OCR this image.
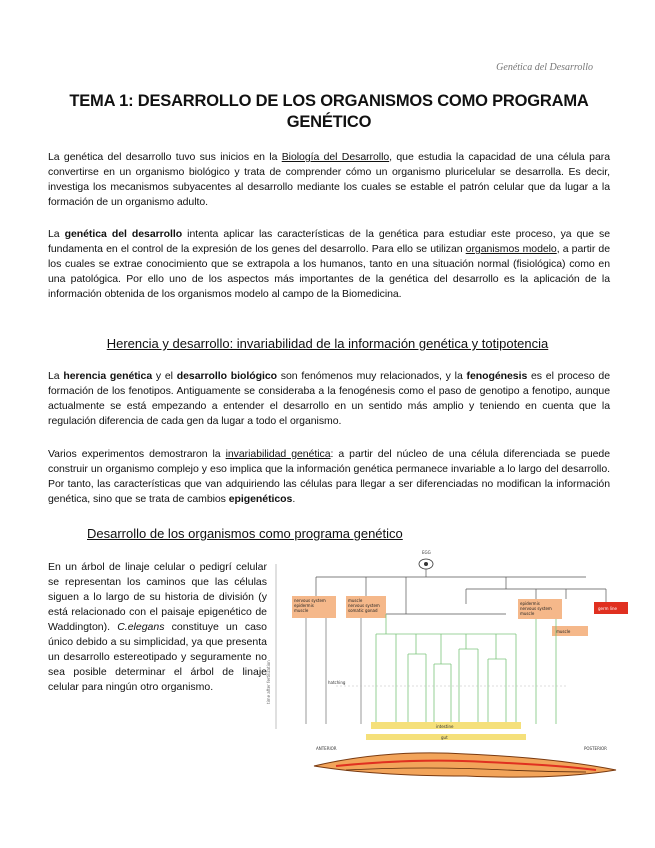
Genética del Desarrollo
TEMA 1: DESARROLLO DE LOS ORGANISMOS COMO PROGRAMA GENÉTICO
La genética del desarrollo tuvo sus inicios en la Biología del Desarrollo, que estudia la capacidad de una célula para convertirse en un organismo biológico y trata de comprender cómo un organismo pluricelular se desarrolla. Es decir, investiga los mecanismos subyacentes al desarrollo mediante los cuales se estable el patrón celular que da lugar a la formación de un organismo adulto.
La genética del desarrollo intenta aplicar las características de la genética para estudiar este proceso, ya que se fundamenta en el control de la expresión de los genes del desarrollo. Para ello se utilizan organismos modelo, a partir de los cuales se extrae conocimiento que se extrapola a los humanos, tanto en una situación normal (fisiológica) como en una patológica. Por ello uno de los aspectos más importantes de la genética del desarrollo es la aplicación de la información obtenida de los organismos modelo al campo de la Biomedicina.
Herencia y desarrollo: invariabilidad de la información genética y totipotencia
La herencia genética y el desarrollo biológico son fenómenos muy relacionados, y la fenogénesis es el proceso de formación de los fenotipos. Antiguamente se consideraba a la fenogénesis como el paso de genotipo a fenotipo, aunque actualmente se está empezando a entender el desarrollo en un sentido más amplio y teniendo en cuenta que la regulación diferencia de cada gen da lugar a todo el organismo.
Varios experimentos demostraron la invariabilidad genética: a partir del núcleo de una célula diferenciada se puede construir un organismo complejo y eso implica que la información genética permanece invariable a lo largo del desarrollo. Por tanto, las características que van adquiriendo las células para llegar a ser diferenciadas no modifican la información genética, sino que se trata de cambios epigenéticos.
Desarrollo de los organismos como programa genético
En un árbol de linaje celular o pedigrí celular se representan los caminos que las células siguen a lo largo de su historia de división (y está relacionado con el paisaje epigenético de Waddington). C.elegans constituye un caso único debido a su simplicidad, ya que presenta un desarrollo estereotipado y seguramente no sea posible determinar el árbol de linaje celular para ningún otro organismo.	time after fertilization
EGG
nervous system
epidermis
muscle
muscle
nervous system
somatic gonad
epidermis
nervous system
muscle
germ line
muscle
hatching
intestine
gut
ANTERIOR	POSTERIOR
